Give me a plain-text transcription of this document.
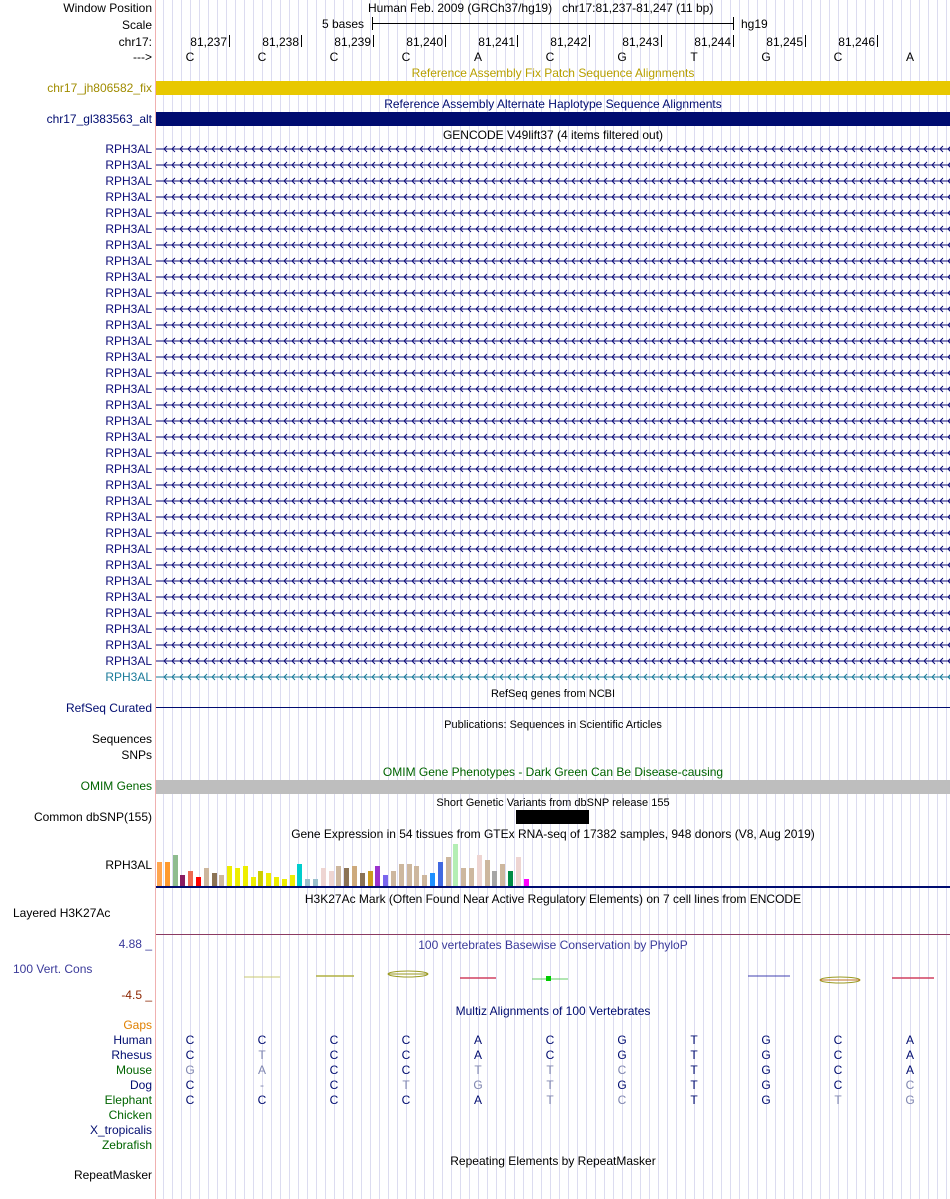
Window Position
Scale
chr17:
--->
Human Feb. 2009 (GRCh37/hg19)   chr17:81,237-81,247 (11 bp)
5 bases	hg19
81,237	81,238	81,239	81,240	81,241	81,242	81,243	81,244	81,245	81,246
C	C	C	C	A	C	G	T	G	C	A
Reference Assembly Fix Patch Sequence Alignments
chr17_jh806582_fix
Reference Assembly Alternate Haplotype Sequence Alignments
chr17_gl383563_alt
GENCODE V49lift37 (4 items filtered out)
RPH3AL
RPH3AL
RPH3AL
RPH3AL
RPH3AL
RPH3AL
RPH3AL
RPH3AL
RPH3AL
RPH3AL
RPH3AL
RPH3AL
RPH3AL
RPH3AL
RPH3AL
RPH3AL
RPH3AL
RPH3AL
RPH3AL
RPH3AL
RPH3AL
RPH3AL
RPH3AL
RPH3AL
RPH3AL
RPH3AL
RPH3AL
RPH3AL
RPH3AL
RPH3AL
RPH3AL
RPH3AL
RPH3AL
RPH3AL
RefSeq genes from NCBI
RefSeq Curated
Publications: Sequences in Scientific Articles
Sequences
SNPs
OMIM Gene Phenotypes - Dark Green Can Be Disease-causing
OMIM Genes
Short Genetic Variants from dbSNP release 155
Common dbSNP(155)
Gene Expression in 54 tissues from GTEx RNA-seq of 17382 samples, 948 donors (V8, Aug 2019)
RPH3AL
H3K27Ac Mark (Often Found Near Active Regulatory Elements) on 7 cell lines from ENCODE
Layered H3K27Ac
100 vertebrates Basewise Conservation by PhyloP
4.88 _
100 Vert. Cons
-4.5 _
Multiz Alignments of 100 Vertebrates
Gaps
Human	C	C	C	C	A	C	G	T	G	C	A
Rhesus	C	T	C	C	A	C	G	T	G	C	A
Mouse	G	A	C	C	T	T	C	T	G	C	A
Dog	C	-	C	T	G	T	G	T	G	C	C
Elephant	C	C	C	C	A	T	C	T	G	T	G
Chicken
X_tropicalis
Zebrafish
Repeating Elements by RepeatMasker
RepeatMasker
